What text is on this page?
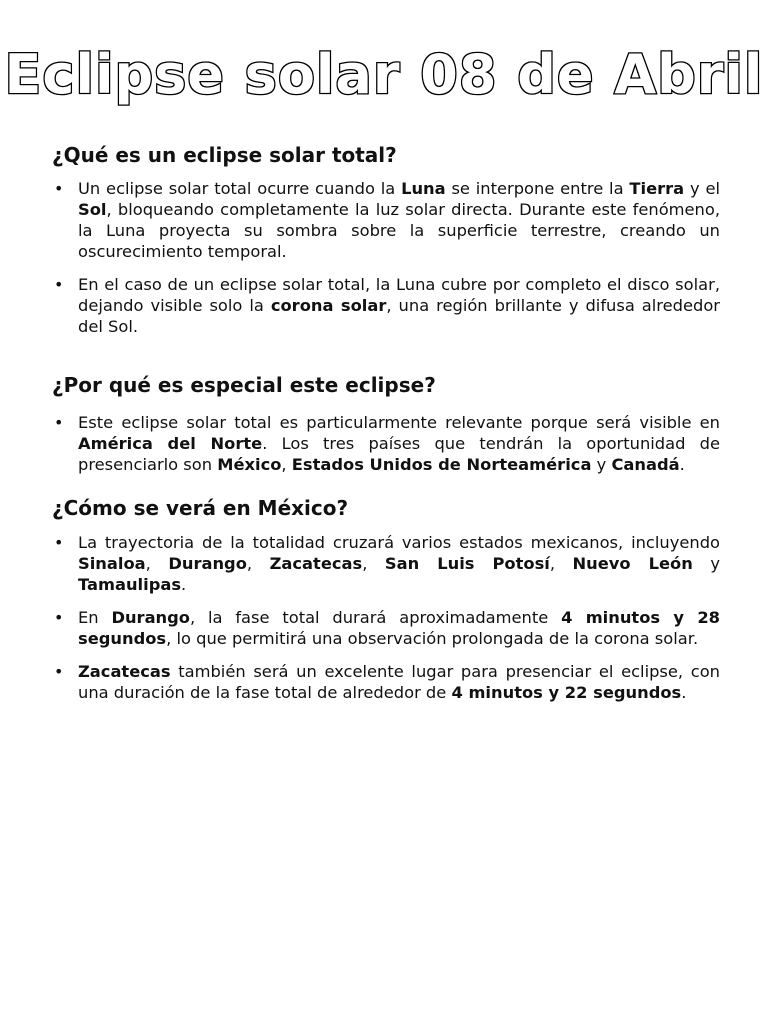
Eclipse solar 08 de Abril
¿Qué es un eclipse solar total?
• Un eclipse solar total ocurre cuando la Luna se interpone entre la Tierra y el Sol, bloqueando completamente la luz solar directa. Durante este fenómeno, la Luna proyecta su sombra sobre la superficie terrestre, creando un oscurecimiento temporal.
• En el caso de un eclipse solar total, la Luna cubre por completo el disco solar, dejando visible solo la corona solar, una región brillante y difusa alrededor del Sol.
¿Por qué es especial este eclipse?
• Este eclipse solar total es particularmente relevante porque será visible en América del Norte. Los tres países que tendrán la oportunidad de presenciarlo son México, Estados Unidos de Norteamérica y Canadá.
¿Cómo se verá en México?
• La trayectoria de la totalidad cruzará varios estados mexicanos, incluyendo Sinaloa, Durango, Zacatecas, San Luis Potosí, Nuevo León y Tamaulipas.
• En Durango, la fase total durará aproximadamente 4 minutos y 28 segundos, lo que permitirá una observación prolongada de la corona solar.
• Zacatecas también será un excelente lugar para presenciar el eclipse, con una duración de la fase total de alrededor de 4 minutos y 22 segundos.
